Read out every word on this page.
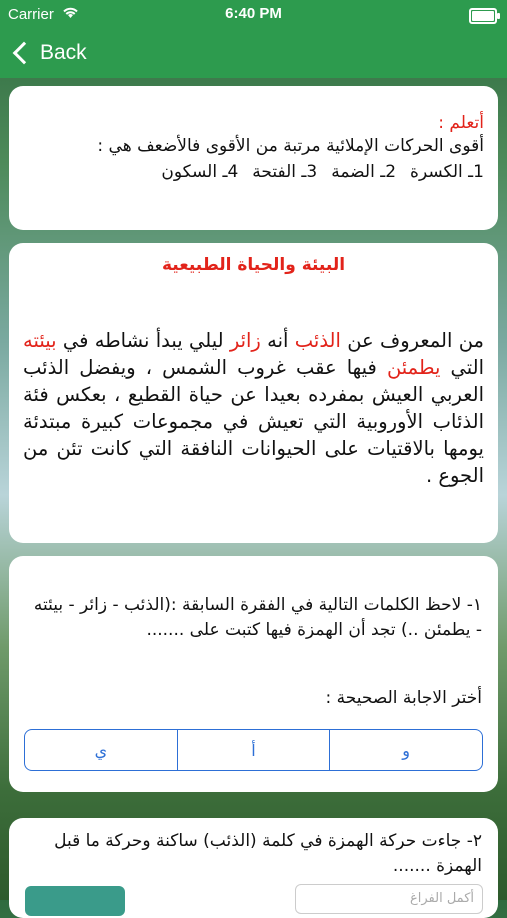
Carrier	6:40 PM
Back
أتعلم :
أقوى الحركات الإملائية مرتبة من الأقوى فالأضعف هي :
1ـ الكسرة
2ـ الضمة
3ـ الفتحة
4ـ السكون
البيئة والحياة الطبيعية
من المعروف عن الذئب أنه زائر ليلي يبدأ نشاطه في بيئته التي يطمئن فيها عقب غروب الشمس ، ويفضل الذئب العربي العيش بمفرده بعيدا عن حياة القطيع ، بعكس فئة الذئاب الأوروبية التي تعيش في مجموعات كبيرة مبتدئة يومها بالاقتيات على الحيوانات النافقة التي كانت تئن من الجوع .
١- لاحظ الكلمات التالية في الفقرة السابقة :(الذئب - زائر - بيئته - يطمئن ..) تجد أن الهمزة فيها كتبت على .......
أختر الاجابة الصحيحة :
و
أ
ي
٢- جاءت حركة الهمزة في كلمة (الذئب) ساكنة وحركة ما قبل الهمزة .......
أكمل الفراغ
